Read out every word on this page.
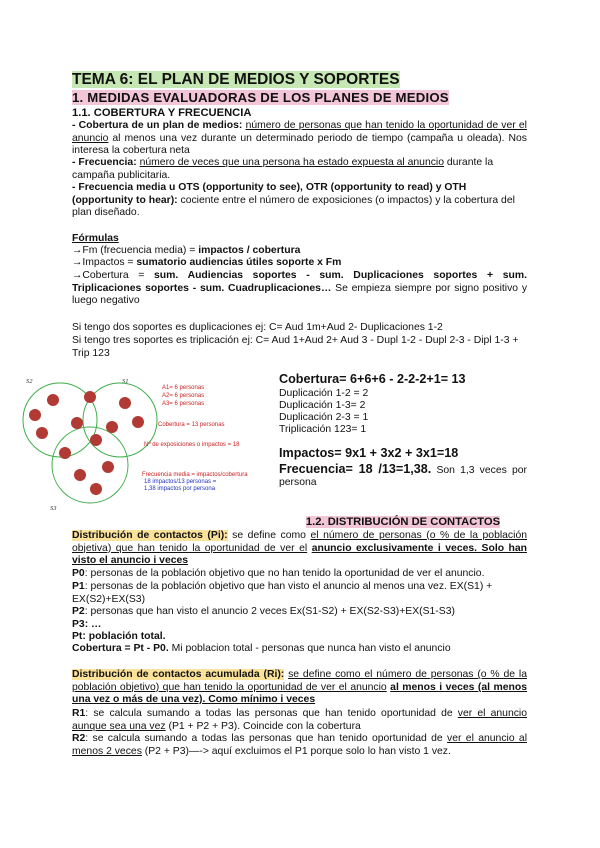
TEMA 6: EL PLAN DE MEDIOS Y SOPORTES
1. MEDIDAS EVALUADORAS DE LOS PLANES DE MEDIOS
1.1. COBERTURA Y FRECUENCIA

- Cobertura de un plan de medios: número de personas que han tenido la oportunidad de ver el anuncio al menos una vez durante un determinado periodo de tiempo (campaña u oleada). Nos interesa la cobertura neta

- Frecuencia: número de veces que una persona ha estado expuesta al anuncio durante la campaña publicitaria.

- Frecuencia media u OTS (opportunity to see), OTR (opportunity to read) y OTH (opportunity to hear): cociente entre el número de exposiciones (o impactos) y la cobertura del plan diseñado.

Fórmulas

→Fm (frecuencia media) = impactos / cobertura

→Impactos = sumatorio audiencias útiles soporte x Fm

→Cobertura = sum. Audiencias soportes - sum. Duplicaciones soportes + sum. Triplicaciones soportes - sum. Cuadruplicaciones… Se empieza siempre por signo positivo y luego negativo

Si tengo dos soportes es duplicaciones ej: C= Aud 1m+Aud 2- Duplicaciones 1-2

Si tengo tres soportes es triplicación ej: C= Aud 1+Aud 2+ Aud 3 - Dupl 1-2 - Dupl 2-3 - Dipl 1-3 + Trip 123

S2	S1
S3
A1= 6 personas
A2= 6 personas
A3= 6 personas
Cobertura = 13 personas
Nº de exposiciones o impactos = 18
Frecuencia media = impactos/cobertura
18 impactos/13 personas =
1,38 impactos por persona
Cobertura= 6+6+6 - 2-2-2+1= 13
Duplicación 1-2 = 2
Duplicación 1-3= 2
Duplicación 2-3 = 1
Triplicación 123= 1
Impactos= 9x1 + 3x2 + 3x1=18
Frecuencia= 18 /13=1,38. Son 1,3 veces por persona
1.2. DISTRIBUCIÓN DE CONTACTOS

Distribución de contactos (Pi): se define como el número de personas (o % de la población objetiva) que han tenido la oportunidad de ver el anuncio exclusivamente i veces. Solo han visto el anuncio i veces

P0: personas de la población objetivo que no han tenido la oportunidad de ver el anuncio.

P1: personas de la población objetivo que han visto el anuncio al menos una vez. EX(S1) + EX(S2)+EX(S3)

P2: personas que han visto el anuncio 2 veces Ex(S1-S2) + EX(S2-S3)+EX(S1-S3)

P3: …

Pt: población total.

Cobertura = Pt - P0. Mi poblacion total - personas que nunca han visto el anuncio

Distribución de contactos acumulada (Ri): se define como el número de personas (o % de la población objetivo) que han tenido la oportunidad de ver el anuncio al menos i veces (al menos una vez o más de una vez). Como mínimo i veces

R1: se calcula sumando a todas las personas que han tenido oportunidad de ver el anuncio aunque sea una vez (P1 + P2 + P3). Coincide con la cobertura

R2: se calcula sumando a todas las personas que han tenido oportunidad de ver el anuncio al menos 2 veces (P2 + P3)—-> aquí excluimos el P1 porque solo lo han visto 1 vez.
